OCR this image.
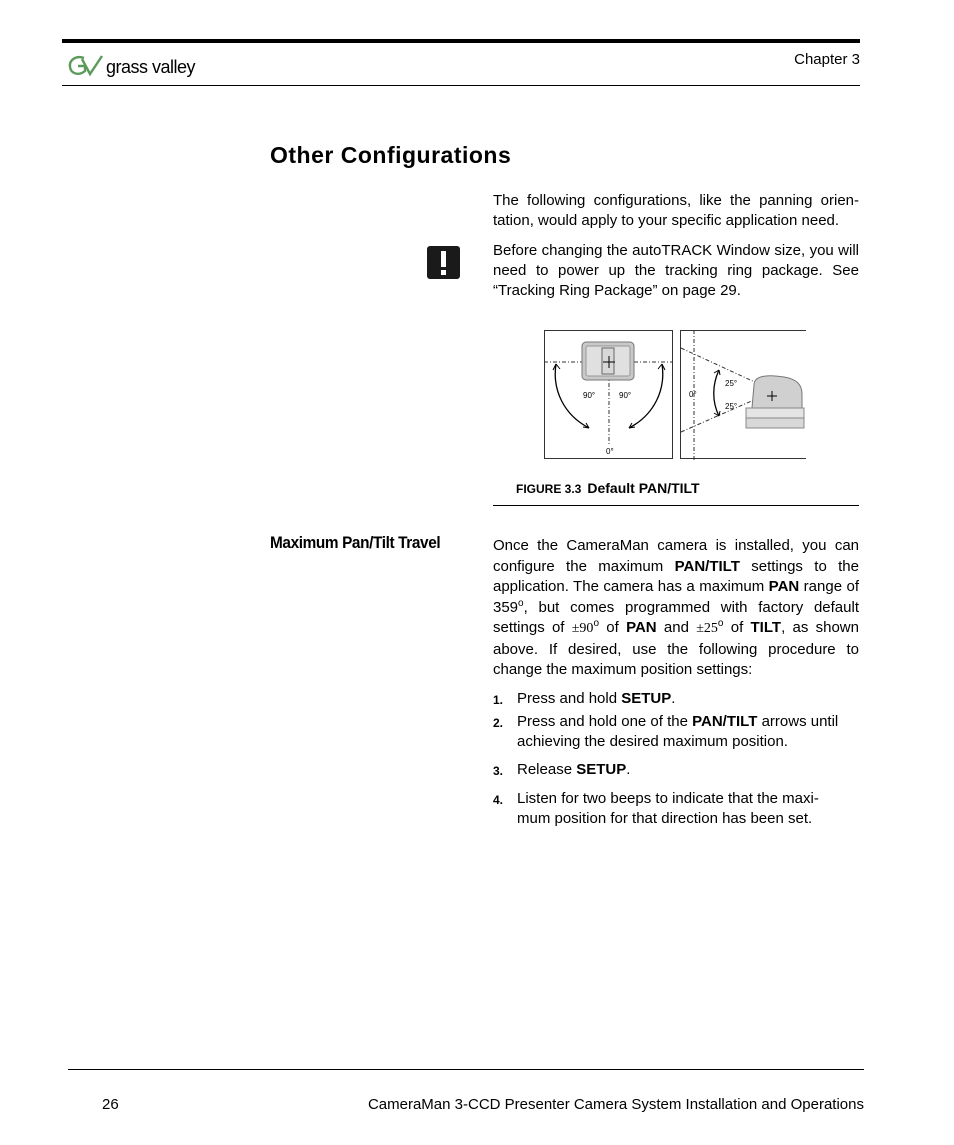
grass valley	Chapter 3
Other Configurations
The following configurations, like the panning orien-tation, would apply to your specific application need.
Before changing the autoTRACK Window size, you will need to power up the tracking ring package. See “Tracking Ring Package” on page 29.
90°	90°
0°
25°
25°
0°
FIGURE 3.3 Default PAN/TILT
Maximum Pan/Tilt Travel	Once the CameraMan camera is installed, you can configure the maximum PAN/TILT settings to the application. The camera has a maximum PAN range of 359$^o$, but comes programmed with factory default settings of $\pm 90^o$ of PAN and $\pm 25^o$ of TILT, as shown above. If desired, use the following procedure to change the maximum position settings:
1. Press and hold SETUP.
2. Press and hold one of the PAN/TILT arrows until achieving the desired maximum position.
3. Release SETUP.
4. Listen for two beeps to indicate that the maxi-mum position for that direction has been set.
26	CameraMan 3-CCD Presenter Camera System Installation and Operations
